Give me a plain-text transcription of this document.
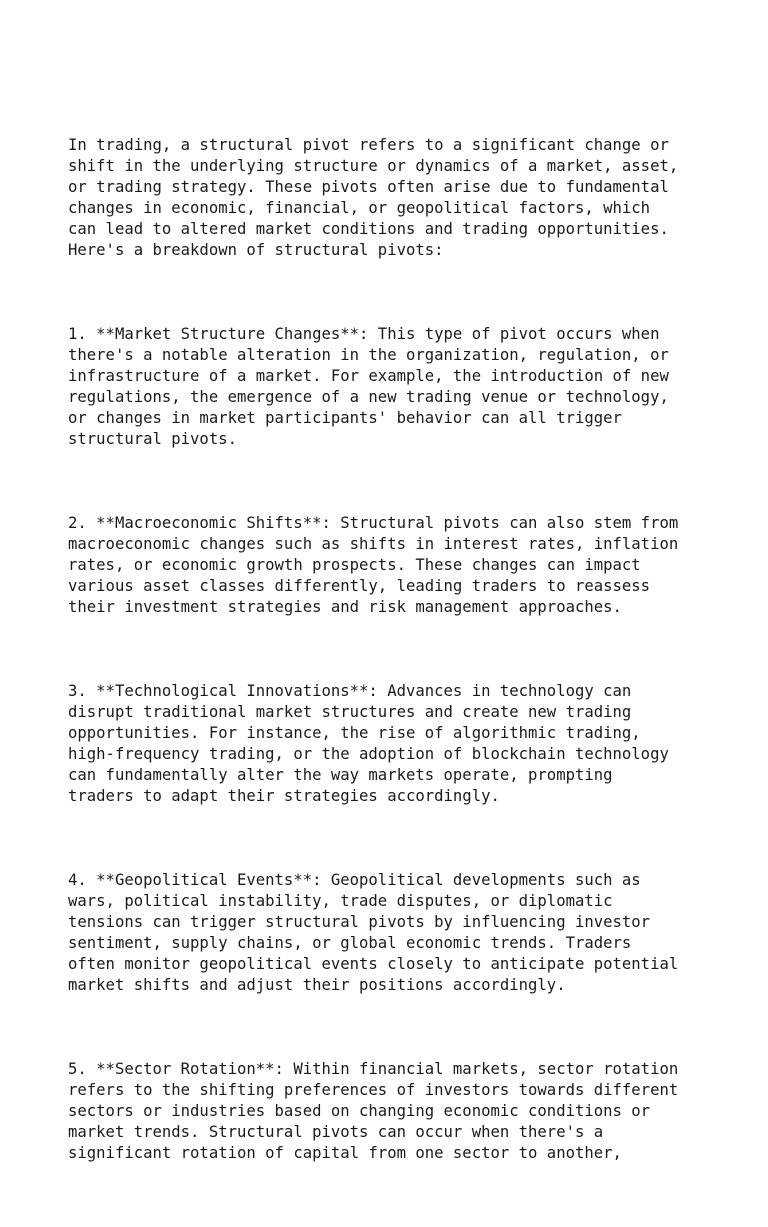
In trading, a structural pivot refers to a significant change or
shift in the underlying structure or dynamics of a market, asset,
or trading strategy. These pivots often arise due to fundamental
changes in economic, financial, or geopolitical factors, which
can lead to altered market conditions and trading opportunities.
Here's a breakdown of structural pivots:

1. **Market Structure Changes**: This type of pivot occurs when
there's a notable alteration in the organization, regulation, or
infrastructure of a market. For example, the introduction of new
regulations, the emergence of a new trading venue or technology,
or changes in market participants' behavior can all trigger
structural pivots.

2. **Macroeconomic Shifts**: Structural pivots can also stem from
macroeconomic changes such as shifts in interest rates, inflation
rates, or economic growth prospects. These changes can impact
various asset classes differently, leading traders to reassess
their investment strategies and risk management approaches.

3. **Technological Innovations**: Advances in technology can
disrupt traditional market structures and create new trading
opportunities. For instance, the rise of algorithmic trading,
high-frequency trading, or the adoption of blockchain technology
can fundamentally alter the way markets operate, prompting
traders to adapt their strategies accordingly.

4. **Geopolitical Events**: Geopolitical developments such as
wars, political instability, trade disputes, or diplomatic
tensions can trigger structural pivots by influencing investor
sentiment, supply chains, or global economic trends. Traders
often monitor geopolitical events closely to anticipate potential
market shifts and adjust their positions accordingly.

5. **Sector Rotation**: Within financial markets, sector rotation
refers to the shifting preferences of investors towards different
sectors or industries based on changing economic conditions or
market trends. Structural pivots can occur when there's a
significant rotation of capital from one sector to another,
